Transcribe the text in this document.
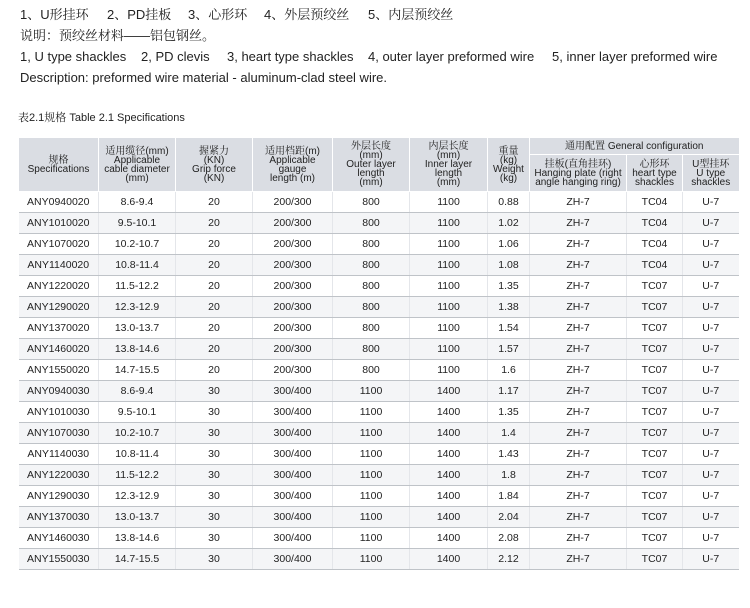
1、U形挂环 2、PD挂板 3、心形环 4、外层预绞丝 5、内层预绞丝
说明：预绞丝材料——铝包钢丝。
1, U type shackles 2, PD clevis 3, heart type shackles 4, outer layer preformed wire 5, inner layer preformed wire
Description: preformed wire material - aluminum-clad steel wire.
表2.1规格 Table 2.1 Specifications
规格
Specifications	适用缆径(mm)
Applicable
cable diameter
(mm)	握紧力
(KN)
Grip force
(KN)	适用档距(m)
Applicable
gauge
length (m)	外层长度
(mm)
Outer layer
length
(mm)	内层长度
(mm)
Inner layer
length
(mm)	重量
(kg)
Weight
(kg)	通用配置 General configuration		

							挂板(直角挂环)
Hanging plate (right
angle hanging ring)	心形环
heart type
shackles	U型挂环
U type
shackles

ANY0940020	8.6-9.4	20	200/300	800	1100	0.88	ZH-7	TC04	U-7
ANY1010020	9.5-10.1	20	200/300	800	1100	1.02	ZH-7	TC04	U-7
ANY1070020	10.2-10.7	20	200/300	800	1100	1.06	ZH-7	TC04	U-7
ANY1140020	10.8-11.4	20	200/300	800	1100	1.08	ZH-7	TC04	U-7
ANY1220020	11.5-12.2	20	200/300	800	1100	1.35	ZH-7	TC07	U-7
ANY1290020	12.3-12.9	20	200/300	800	1100	1.38	ZH-7	TC07	U-7
ANY1370020	13.0-13.7	20	200/300	800	1100	1.54	ZH-7	TC07	U-7
ANY1460020	13.8-14.6	20	200/300	800	1100	1.57	ZH-7	TC07	U-7
ANY1550020	14.7-15.5	20	200/300	800	1100	1.6	ZH-7	TC07	U-7
ANY0940030	8.6-9.4	30	300/400	1100	1400	1.17	ZH-7	TC07	U-7
ANY1010030	9.5-10.1	30	300/400	1100	1400	1.35	ZH-7	TC07	U-7
ANY1070030	10.2-10.7	30	300/400	1100	1400	1.4	ZH-7	TC07	U-7
ANY1140030	10.8-11.4	30	300/400	1100	1400	1.43	ZH-7	TC07	U-7
ANY1220030	11.5-12.2	30	300/400	1100	1400	1.8	ZH-7	TC07	U-7
ANY1290030	12.3-12.9	30	300/400	1100	1400	1.84	ZH-7	TC07	U-7
ANY1370030	13.0-13.7	30	300/400	1100	1400	2.04	ZH-7	TC07	U-7
ANY1460030	13.8-14.6	30	300/400	1100	1400	2.08	ZH-7	TC07	U-7
ANY1550030	14.7-15.5	30	300/400	1100	1400	2.12	ZH-7	TC07	U-7
